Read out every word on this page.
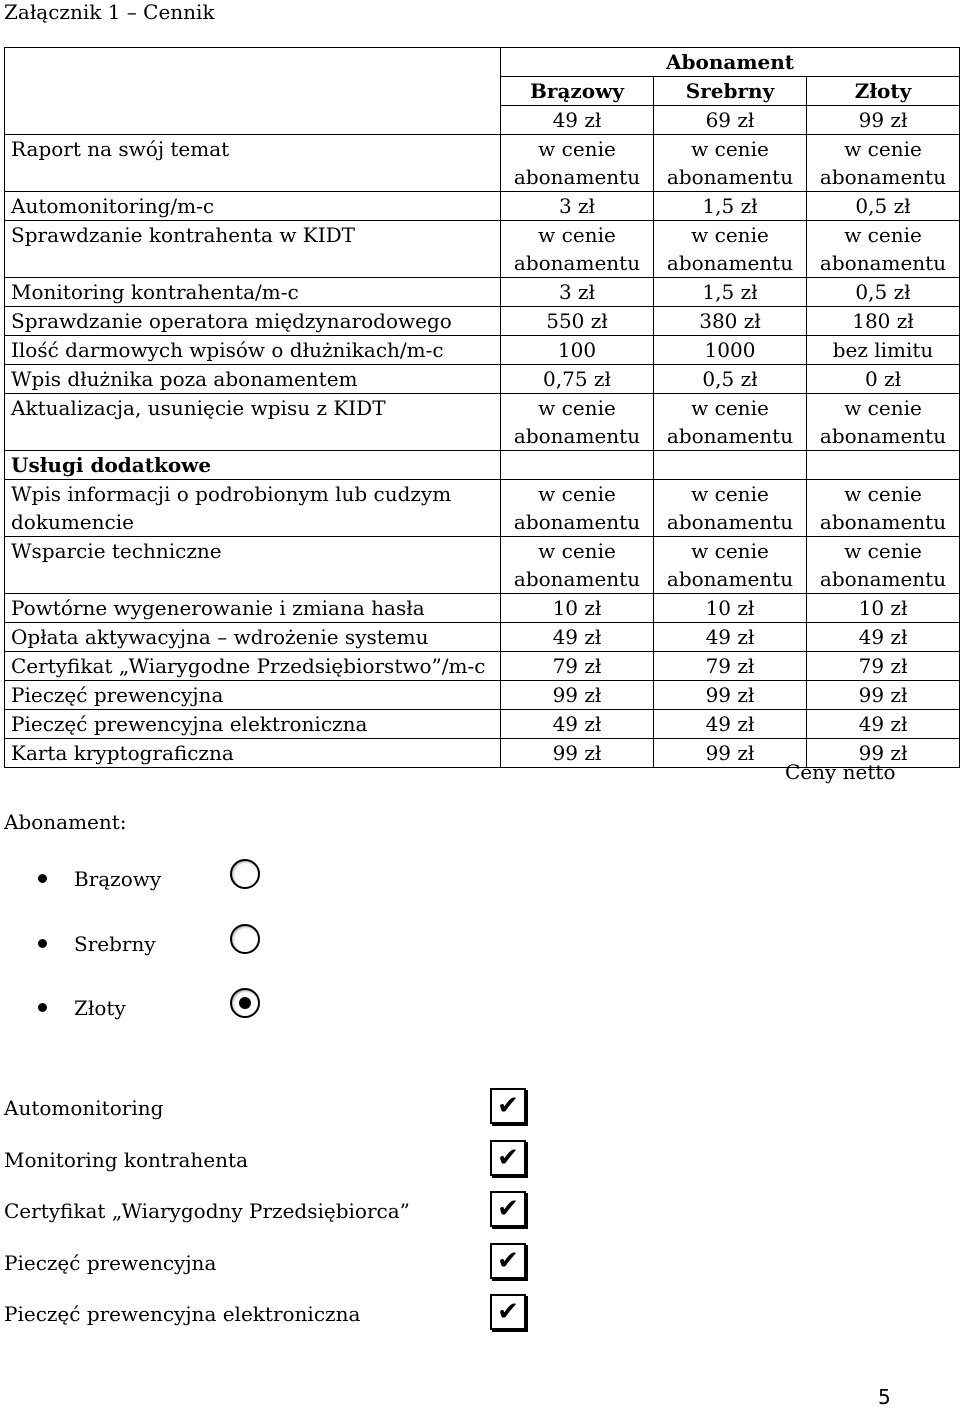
Załącznik 1 – Cennik
	Abonament		
	Brązowy	Srebrny	Złoty
	49 zł	69 zł	99 zł
Raport na swój temat	w cenie abonamentu	w cenie abonamentu	w cenie abonamentu
Automonitoring/m-c	3 zł	1,5 zł	0,5 zł
Sprawdzanie kontrahenta w KIDT	w cenie abonamentu	w cenie abonamentu	w cenie abonamentu
Monitoring kontrahenta/m-c	3 zł	1,5 zł	0,5 zł
Sprawdzanie operatora międzynarodowego	550 zł	380 zł	180 zł
Ilość darmowych wpisów o dłużnikach/m-c	100	1000	bez limitu
Wpis dłużnika poza abonamentem	0,75 zł	0,5 zł	0 zł
Aktualizacja, usunięcie wpisu z KIDT	w cenie abonamentu	w cenie abonamentu	w cenie abonamentu
Usługi dodatkowe			
Wpis informacji o podrobionym lub cudzym dokumencie	w cenie abonamentu	w cenie abonamentu	w cenie abonamentu
Wsparcie techniczne	w cenie abonamentu	w cenie abonamentu	w cenie abonamentu
Powtórne wygenerowanie i zmiana hasła	10 zł	10 zł	10 zł
Opłata aktywacyjna – wdrożenie systemu	49 zł	49 zł	49 zł
Certyfikat „Wiarygodne Przedsiębiorstwo”/m-c	79 zł	79 zł	79 zł
Pieczęć prewencyjna	99 zł	99 zł	99 zł
Pieczęć prewencyjna elektroniczna	49 zł	49 zł	49 zł
Karta kryptograficzna	99 zł	99 zł	99 zł
Ceny netto
Abonament:
Brązowy
Srebrny
Złoty
Automonitoring	✔
Monitoring kontrahenta	✔
Certyfikat „Wiarygodny Przedsiębiorca”	✔
Pieczęć prewencyjna	✔
Pieczęć prewencyjna elektroniczna	✔
5
